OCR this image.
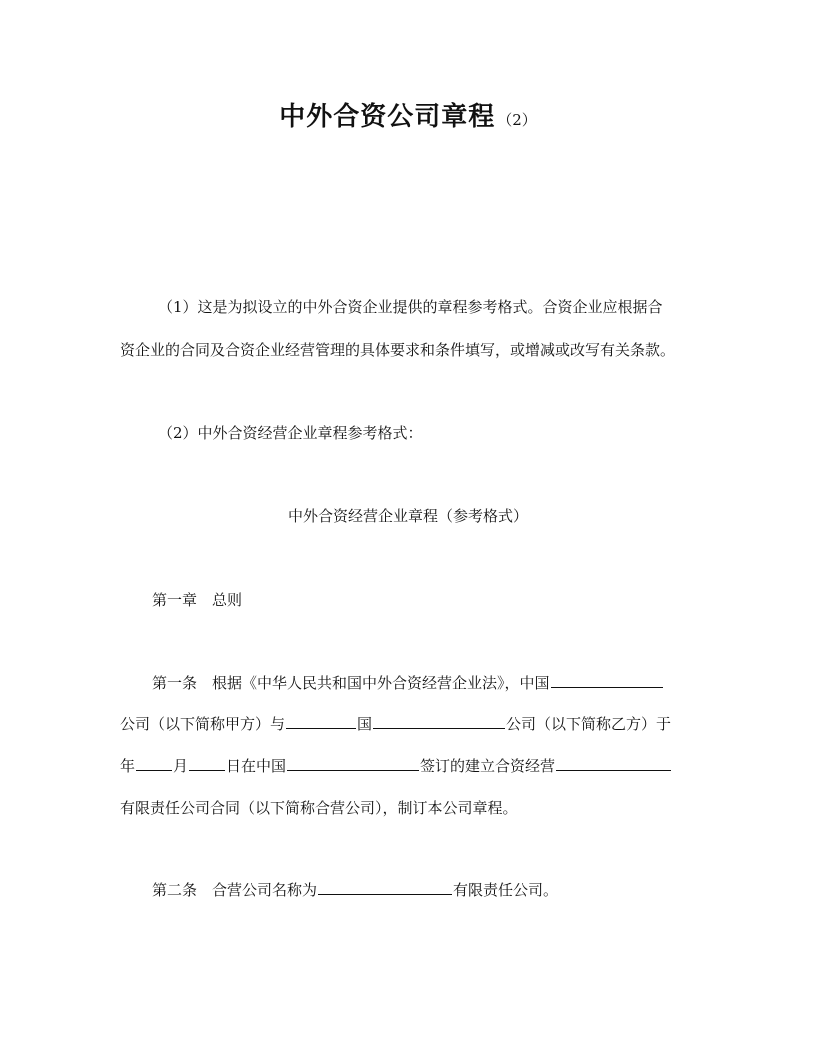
中外合资公司章程 （2）
（1）这是为拟设立的中外合资企业提供的章程参考格式。合资企业应根据合
资企业的合同及合资企业经营管理的具体要求和条件填写，或增减或改写有关条款。
（2）中外合资经营企业章程参考格式：
中外合资经营企业章程（参考格式）
第一章　总则
第一条　根据《中华人民共和国中外合资经营企业法》，中国
公司（以下简称甲方）与	国	公司（以下简称乙方）于
年	月	日在中国	签订的建立合资经营
有限责任公司合同（以下简称合营公司），制订本公司章程。
第二条　合营公司名称为	有限责任公司。
